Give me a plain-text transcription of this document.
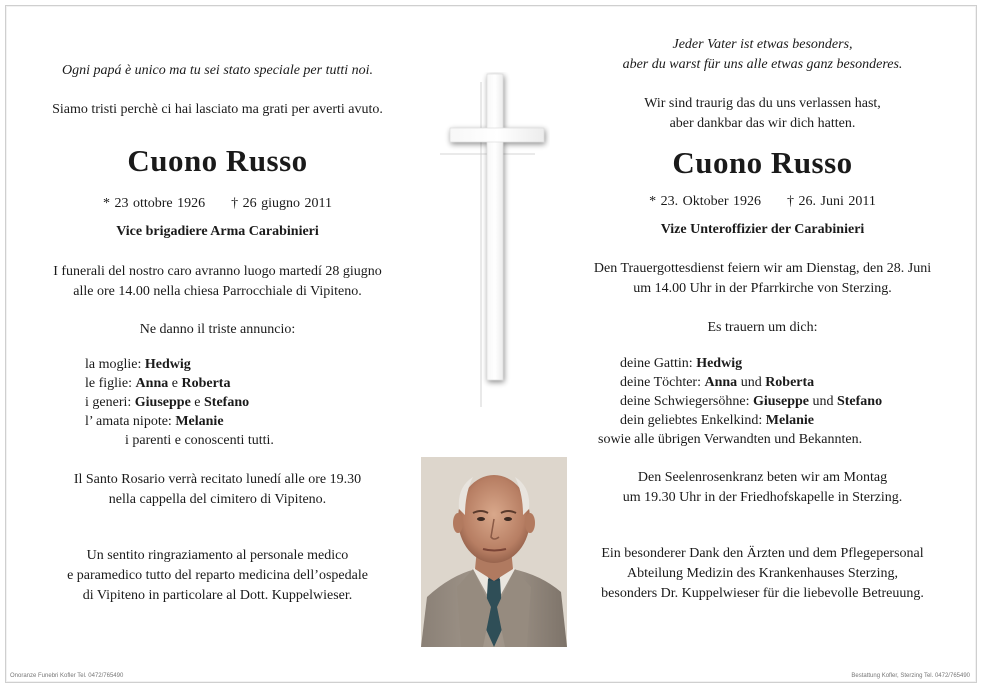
Ogni papá è unico ma tu sei stato speciale per tutti noi.
Siamo tristi perchè ci hai lasciato ma grati per averti avuto.
Cuono Russo
* 23 ottobre 1926 † 26 giugno 2011
Vice brigadiere Arma Carabinieri
I funerali del nostro caro avranno luogo martedí 28 giugno
alle ore 14.00 nella chiesa Parrocchiale di Vipiteno.
Ne danno il triste annuncio:
la moglie: Hedwig
le figlie: Anna e Roberta
i generi: Giuseppe e Stefano
l’ amata nipote: Melanie
i parenti e conoscenti tutti.
Il Santo Rosario verrà recitato lunedí alle ore 19.30
nella cappella del cimitero di Vipiteno.
Un sentito ringraziamento al personale medico
e paramedico tutto del reparto medicina dell’ospedale
di Vipiteno in particolare al Dott. Kuppelwieser.
Onoranze Funebri Kofler Tel. 0472/765490
Jeder Vater ist etwas besonders,
aber du warst für uns alle etwas ganz besonderes.
Wir sind traurig das du uns verlassen hast,
aber dankbar das wir dich hatten.
Cuono Russo
* 23. Oktober 1926 † 26. Juni 2011
Vize Unteroffizier der Carabinieri
Den Trauergottesdienst feiern wir am Dienstag, den 28. Juni
um 14.00 Uhr in der Pfarrkirche von Sterzing.
Es trauern um dich:
deine Gattin: Hedwig
deine Töchter: Anna und Roberta
deine Schwiegersöhne: Giuseppe und Stefano
dein geliebtes Enkelkind: Melanie
sowie alle übrigen Verwandten und Bekannten.
Den Seelenrosenkranz beten wir am Montag
um 19.30 Uhr in der Friedhofskapelle in Sterzing.
Ein besonderer Dank den Ärzten und dem Pflegepersonal
Abteilung Medizin des Krankenhauses Sterzing,
besonders Dr. Kuppelwieser für die liebevolle Betreuung.
Bestattung Kofler, Sterzing Tel. 0472/765490
